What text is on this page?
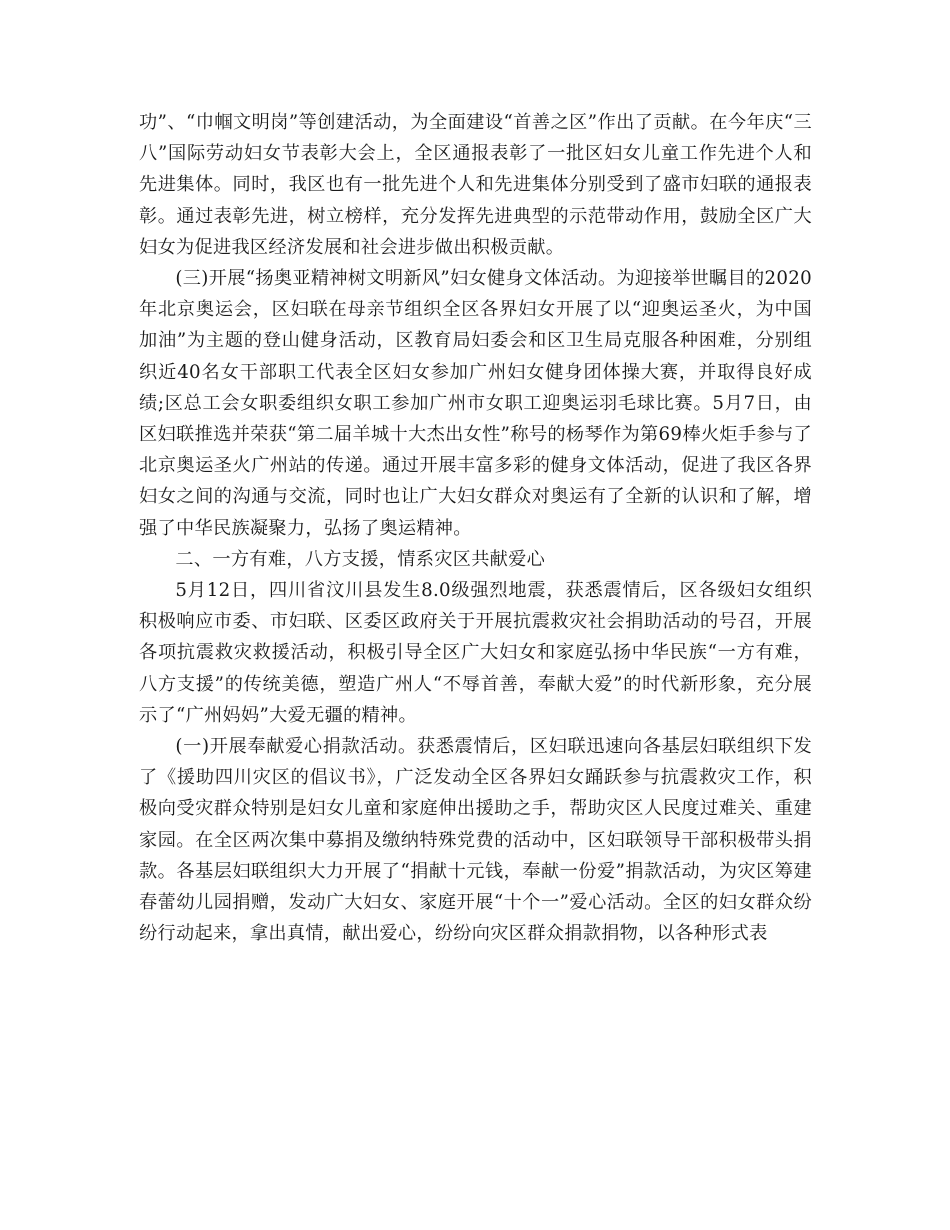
功”、“巾帼文明岗”等创建活动，为全面建设“首善之区”作出了贡献。在今年庆“三八”国际劳动妇女节表彰大会上，全区通报表彰了一批区妇女儿童工作先进个人和先进集体。同时，我区也有一批先进个人和先进集体分别受到了盛市妇联的通报表彰。通过表彰先进，树立榜样，充分发挥先进典型的示范带动作用，鼓励全区广大妇女为促进我区经济发展和社会进步做出积极贡献。

(三)开展“扬奥亚精神树文明新风”妇女健身文体活动。为迎接举世瞩目的2020年北京奥运会，区妇联在母亲节组织全区各界妇女开展了以“迎奥运圣火，为中国加油”为主题的登山健身活动，区教育局妇委会和区卫生局克服各种困难，分别组织近40名女干部职工代表全区妇女参加广州妇女健身团体操大赛，并取得良好成绩;区总工会女职委组织女职工参加广州市女职工迎奥运羽毛球比赛。5月7日，由区妇联推选并荣获“第二届羊城十大杰出女性”称号的杨琴作为第69棒火炬手参与了北京奥运圣火广州站的传递。通过开展丰富多彩的健身文体活动，促进了我区各界妇女之间的沟通与交流，同时也让广大妇女群众对奥运有了全新的认识和了解，增强了中华民族凝聚力，弘扬了奥运精神。

二、一方有难，八方支援，情系灾区共献爱心

5月12日，四川省汶川县发生8.0级强烈地震，获悉震情后，区各级妇女组织积极响应市委、市妇联、区委区政府关于开展抗震救灾社会捐助活动的号召，开展各项抗震救灾救援活动，积极引导全区广大妇女和家庭弘扬中华民族“一方有难，八方支援”的传统美德，塑造广州人“不辱首善，奉献大爱”的时代新形象，充分展示了“广州妈妈”大爱无疆的精神。

(一)开展奉献爱心捐款活动。获悉震情后，区妇联迅速向各基层妇联组织下发了《援助四川灾区的倡议书》，广泛发动全区各界妇女踊跃参与抗震救灾工作，积极向受灾群众特别是妇女儿童和家庭伸出援助之手，帮助灾区人民度过难关、重建家园。在全区两次集中募捐及缴纳特殊党费的活动中，区妇联领导干部积极带头捐款。各基层妇联组织大力开展了“捐献十元钱，奉献一份爱”捐款活动，为灾区筹建春蕾幼儿园捐赠，发动广大妇女、家庭开展“十个一”爱心活动。全区的妇女群众纷纷行动起来，拿出真情，献出爱心，纷纷向灾区群众捐款捐物，以各种形式表
